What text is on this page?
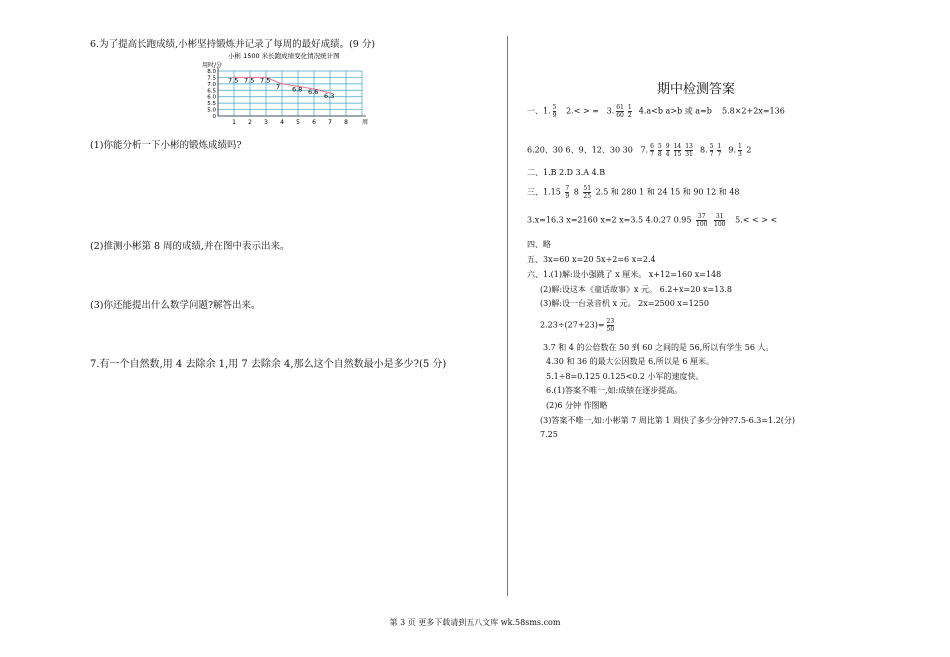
6.为了提高长跑成绩,小彬坚持锻炼并记录了每周的最好成绩。(9 分)
小彬 1500 米长跑成绩变化情况统计图
用时/分
周
8.0
7.5
7.0
6.5
6.0
5.5
5.0
0
1 2 3 4 5 6 7 8
7.5 7.5 7.5
7 6.8 6.6 6.3
(1)你能分析一下小彬的锻炼成绩吗?
(2)推测小彬第 8 周的成绩,并在图中表示出来。
(3)你还能提出什么数学问题?解答出来。
7.有一个自然数,用 4 去除余 1,用 7 去除余 4,那么这个自然数最小是多少?(5 分)
期中检测答案
一、1. $\frac{5}{9} 2.<$ > = 3. $\frac{61}{60} \frac{1}{2} 4.a<b$ a>b 或 a=b 5.8×2+2x=136
6.20、30 6、9、12、30 30 7. $\frac{6}{7} \frac{5}{8} \frac{9}{4} \frac{14}{15} \frac{13}{31} 8$. $\frac{5}{7} \frac{1}{7} 9$. $\frac{1}{3} 2$
二、1.B 2.D 3.A 4.B
三、$1.15 \frac{7}{9} 8 \frac{51}{25} 2.5$ 和 280 1 和 24 15 和 90 12 和 48
3.x=16.3 x=2160 x=2 x=3.5 4.0.27 $0.95 \frac{37}{100}$
$\frac{31}{100} 5.<$ < > <
四、略
五、3x=60 x=20 5x÷2=6 x=2.4
六、1.(1)解:设小强跳了 x 厘米。 x+12=160 x=148
(2)解:设这本《童话故事》x 元。 6.2+x=20 x=13.8
(3)解:设一台录音机 x 元。 2x=2500 x=1250
$2.23\div(27+23)= \frac{23}{50}$
3.7 和 4 的公倍数在 50 到 60 之间的是 56,所以有学生 56 人。
4.30 和 36 的最大公因数是 6,所以是 6 厘米。
5.1÷8=0.125 0.125<0.2 小军的速度快。
6.(1)答案不唯一,如:成绩在逐步提高。
(2)6 分钟 作图略
(3)答案不唯一,如:小彬第 7 周比第 1 周快了多少分钟?7.5-6.3=1.2(分)
7.25
第 3 页 更多下载请到五八文库 wk.58sms.com
